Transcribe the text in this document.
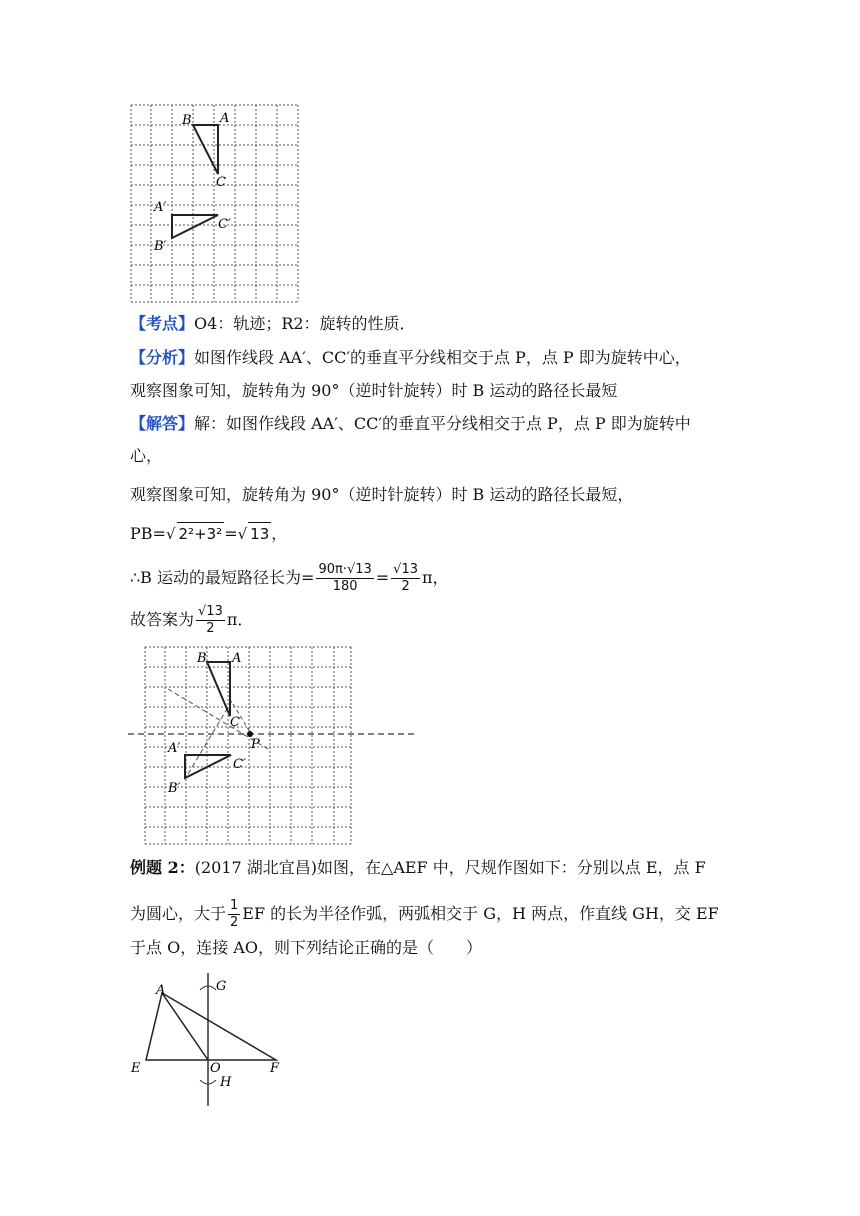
B A
C
A′
C′
B′
【考点】O4：轨迹；R2：旋转的性质．
【分析】如图作线段 AA′、CC′的垂直平分线相交于点 P，点 P 即为旋转中心，
观察图象可知，旋转角为 90°（逆时针旋转）时 B 运动的路径长最短
【解答】解：如图作线段 AA′、CC′的垂直平分线相交于点 P，点 P 即为旋转中
心，
观察图象可知，旋转角为 90°（逆时针旋转）时 B 运动的路径长最短，
PB=√ 2²+3² =√ 13 ，
∴B 运动的最短路径长为= $\frac{90\pi\cdot√13}{180} = \frac{√13}{2}$ π，
故答案为 $\frac{√13}{2}$ π．
B A
C
P
A′
C′
B′
例题 2：(2017 湖北宜昌)如图，在△AEF 中，尺规作图如下：分别以点 E，点 F
为圆心，大于 $\frac{1}{2}$ EF 的长为半径作弧，两弧相交于 G，H 两点，作直线 GH，交 EF
于点 O，连接 AO，则下列结论正确的是（　　）
A	G
E	O	F
H
